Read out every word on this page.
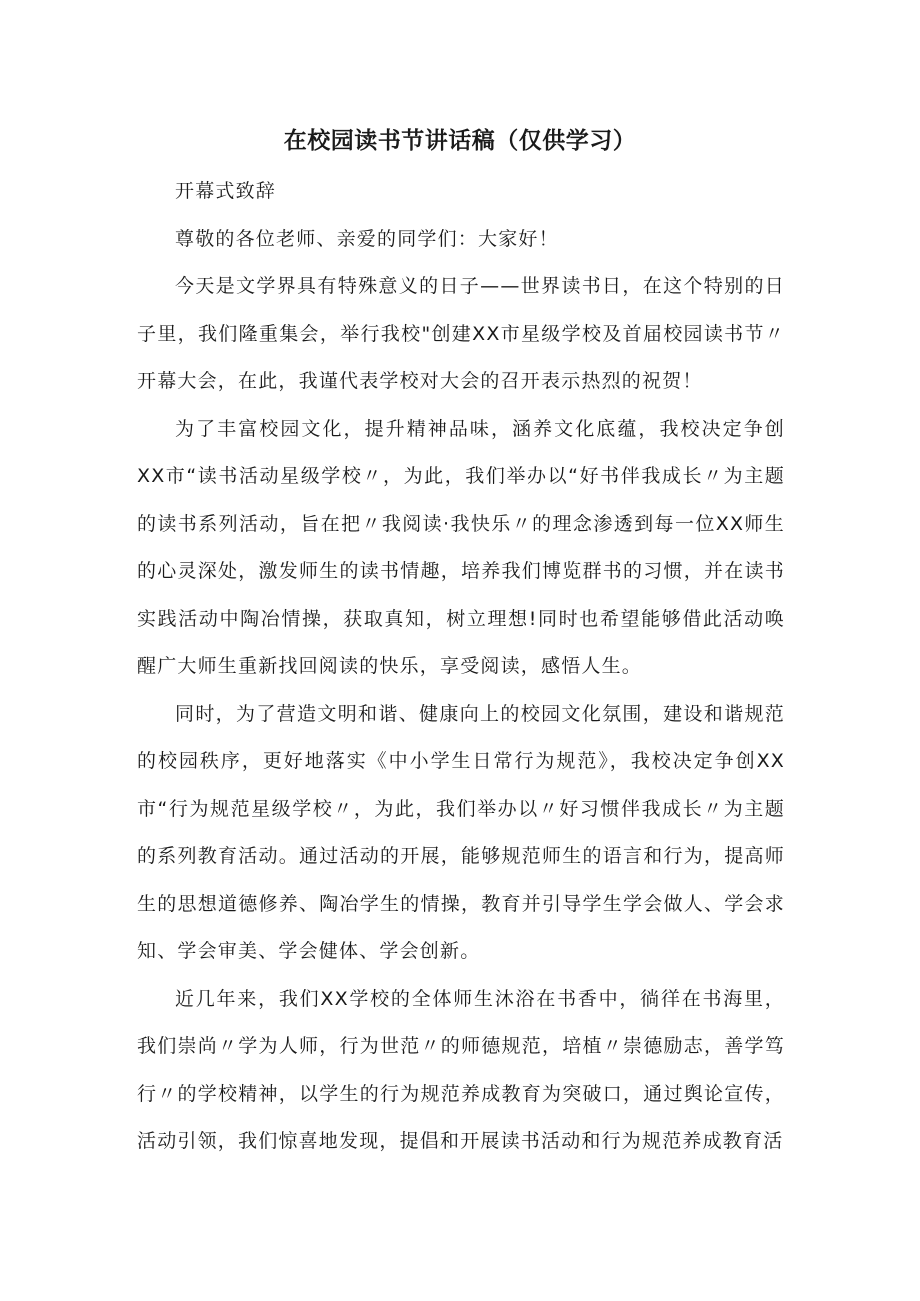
在校园读书节讲话稿（仅供学习）

开幕式致辞

尊敬的各位老师、亲爱的同学们：大家好！

今天是文学界具有特殊意义的日子——世界读书日，在这个特别的日子里，我们隆重集会，举行我校"创建XX市星级学校及首届校园读书节〃开幕大会，在此，我谨代表学校对大会的召开表示热烈的祝贺！

为了丰富校园文化，提升精神品味，涵养文化底蕴，我校决定争创XX市“读书活动星级学校〃，为此，我们举办以“好书伴我成长〃为主题的读书系列活动，旨在把〃我阅读·我快乐〃的理念渗透到每一位XX师生的心灵深处，激发师生的读书情趣，培养我们博览群书的习惯，并在读书实践活动中陶冶情操，获取真知，树立理想!同时也希望能够借此活动唤醒广大师生重新找回阅读的快乐，享受阅读，感悟人生。

同时，为了营造文明和谐、健康向上的校园文化氛围，建设和谐规范的校园秩序，更好地落实《中小学生日常行为规范》，我校决定争创XX市“行为规范星级学校〃，为此，我们举办以〃好习惯伴我成长〃为主题的系列教育活动。通过活动的开展，能够规范师生的语言和行为，提高师生的思想道德修养、陶冶学生的情操，教育并引导学生学会做人、学会求知、学会审美、学会健体、学会创新。

近几年来，我们XX学校的全体师生沐浴在书香中，徜徉在书海里，我们崇尚〃学为人师，行为世范〃的师德规范，培植〃崇德励志，善学笃行〃的学校精神，以学生的行为规范养成教育为突破口，通过舆论宣传，活动引领，我们惊喜地发现，提倡和开展读书活动和行为规范养成教育活
